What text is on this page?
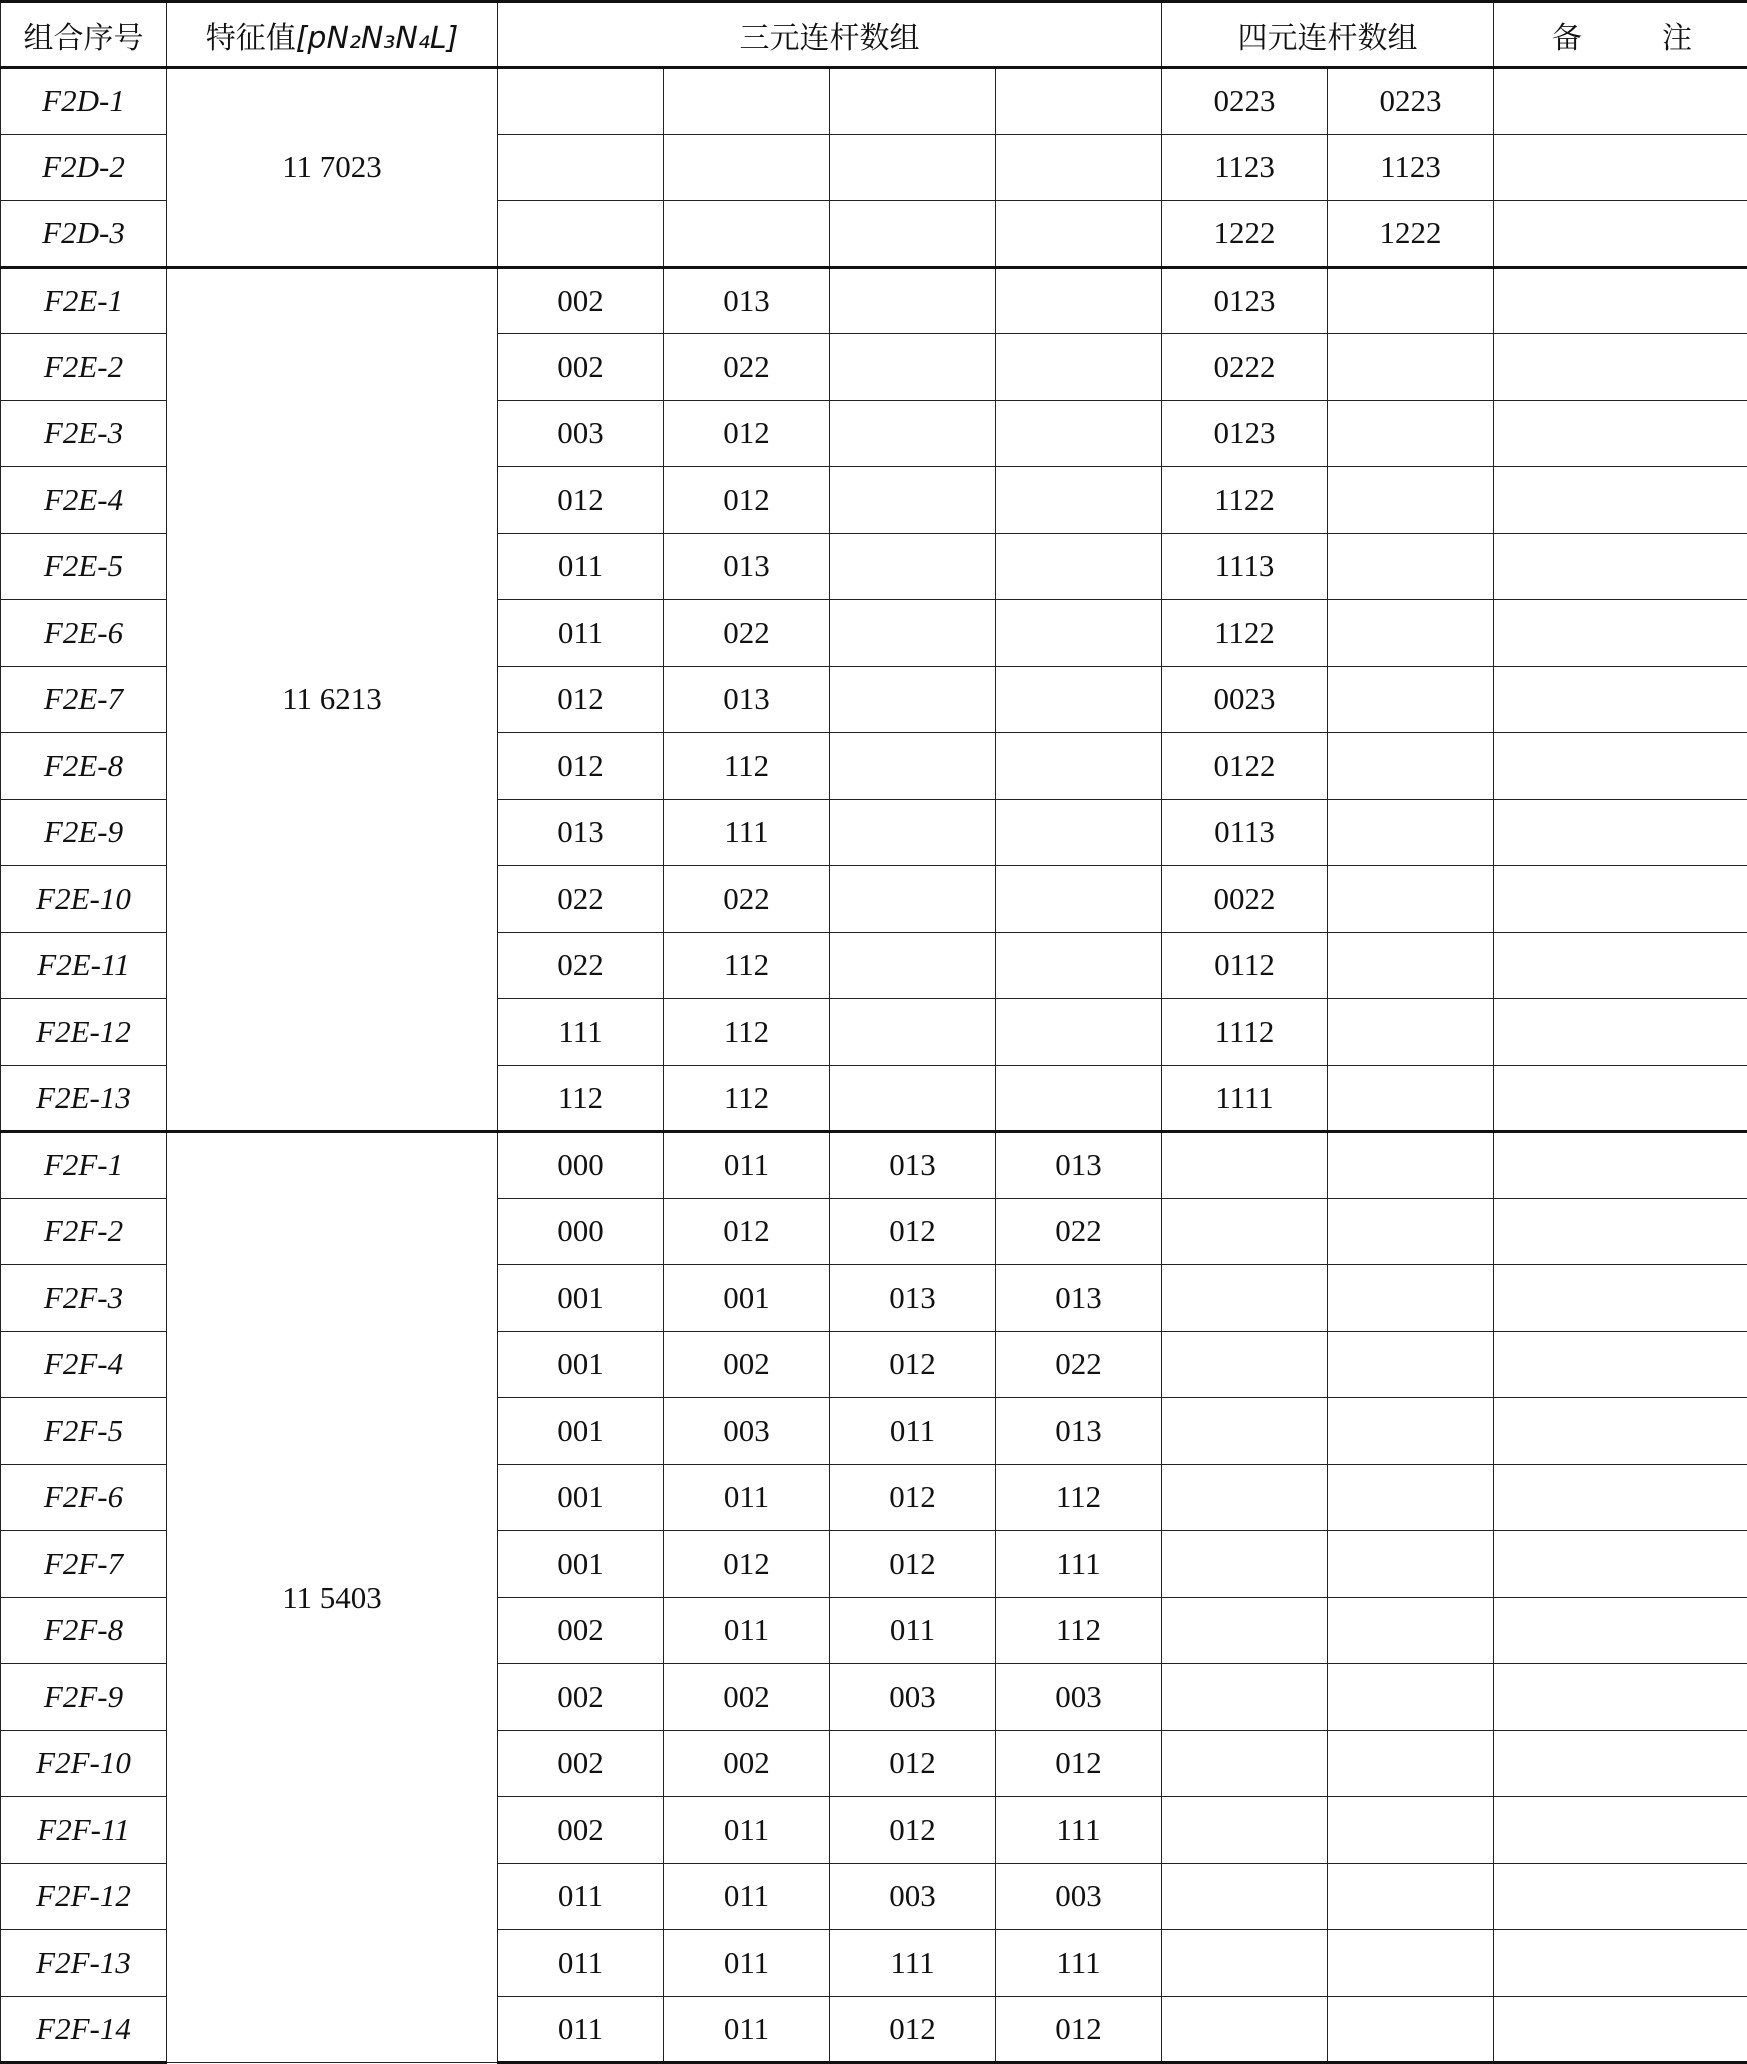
组合序号	特征值[pN₂N₃N₄L]	三元连杆数组				四元连杆数组		备 注
F2D-1	11 7023					0223	0223	
F2D-2						1123	1123	
F2D-3						1222	1222	
F2E-1	11 6213	002	013			0123		
F2E-2		002	022			0222		
F2E-3		003	012			0123		
F2E-4		012	012			1122		
F2E-5		011	013			1113		
F2E-6		011	022			1122		
F2E-7		012	013			0023		
F2E-8		012	112			0122		
F2E-9		013	111			0113		
F2E-10		022	022			0022		
F2E-11		022	112			0112		
F2E-12		111	112			1112		
F2E-13		112	112			1111		
F2F-1	11 5403	000	011	013	013			
F2F-2		000	012	012	022			
F2F-3		001	001	013	013			
F2F-4		001	002	012	022			
F2F-5		001	003	011	013			
F2F-6		001	011	012	112			
F2F-7		001	012	012	111			
F2F-8		002	011	011	112			
F2F-9		002	002	003	003			
F2F-10		002	002	012	012			
F2F-11		002	011	012	111			
F2F-12		011	011	003	003			
F2F-13		011	011	111	111			
F2F-14		011	011	012	012			
